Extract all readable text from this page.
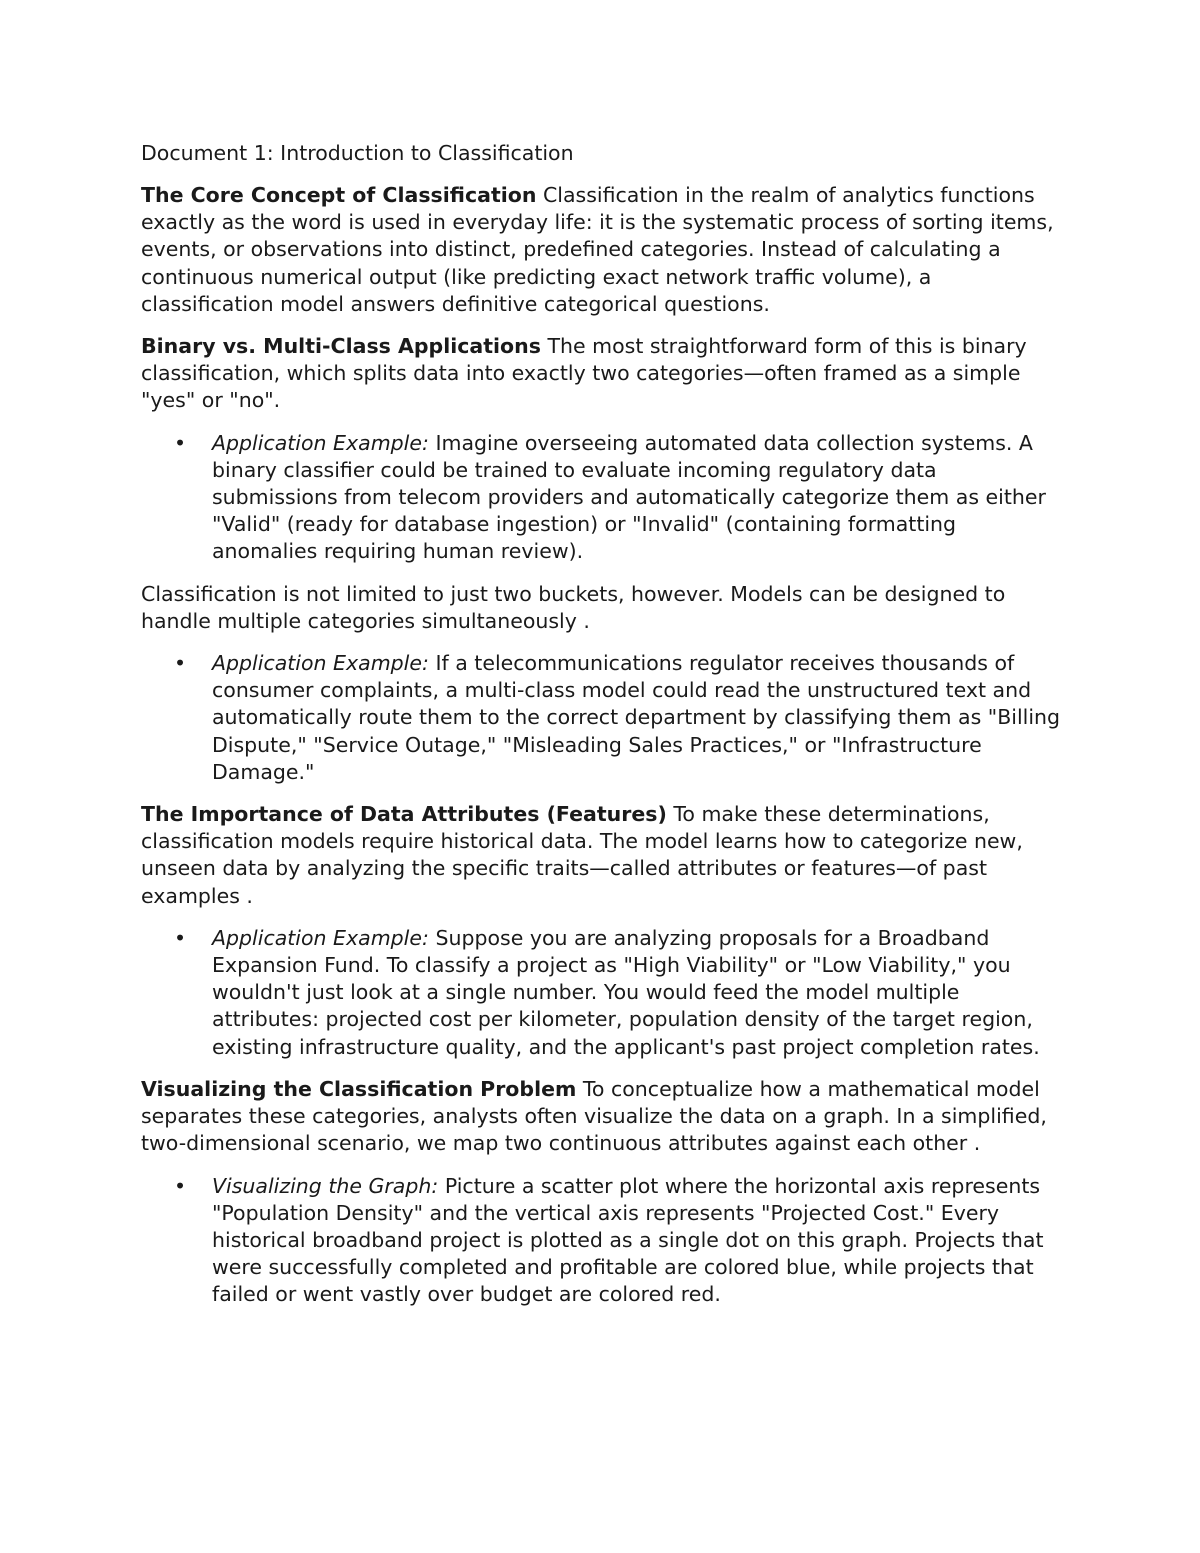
Document 1: Introduction to Classification

The Core Concept of Classification Classification in the realm of analytics functions exactly as the word is used in everyday life: it is the systematic process of sorting items, events, or observations into distinct, predefined categories. Instead of calculating a continuous numerical output (like predicting exact network traffic volume), a classification model answers definitive categorical questions.

Binary vs. Multi-Class Applications The most straightforward form of this is binary classification, which splits data into exactly two categories—often framed as a simple "yes" or "no".

• Application Example: Imagine overseeing automated data collection systems. A binary classifier could be trained to evaluate incoming regulatory data submissions from telecom providers and automatically categorize them as either "Valid" (ready for database ingestion) or "Invalid" (containing formatting anomalies requiring human review).

Classification is not limited to just two buckets, however. Models can be designed to handle multiple categories simultaneously .

• Application Example: If a telecommunications regulator receives thousands of consumer complaints, a multi-class model could read the unstructured text and automatically route them to the correct department by classifying them as "Billing Dispute," "Service Outage," "Misleading Sales Practices," or "Infrastructure Damage."

The Importance of Data Attributes (Features) To make these determinations, classification models require historical data. The model learns how to categorize new, unseen data by analyzing the specific traits—called attributes or features—of past examples .

• Application Example: Suppose you are analyzing proposals for a Broadband Expansion Fund. To classify a project as "High Viability" or "Low Viability," you wouldn't just look at a single number. You would feed the model multiple attributes: projected cost per kilometer, population density of the target region, existing infrastructure quality, and the applicant's past project completion rates.

Visualizing the Classification Problem To conceptualize how a mathematical model separates these categories, analysts often visualize the data on a graph. In a simplified, two-dimensional scenario, we map two continuous attributes against each other .

• Visualizing the Graph: Picture a scatter plot where the horizontal axis represents "Population Density" and the vertical axis represents "Projected Cost." Every historical broadband project is plotted as a single dot on this graph. Projects that were successfully completed and profitable are colored blue, while projects that failed or went vastly over budget are colored red.
